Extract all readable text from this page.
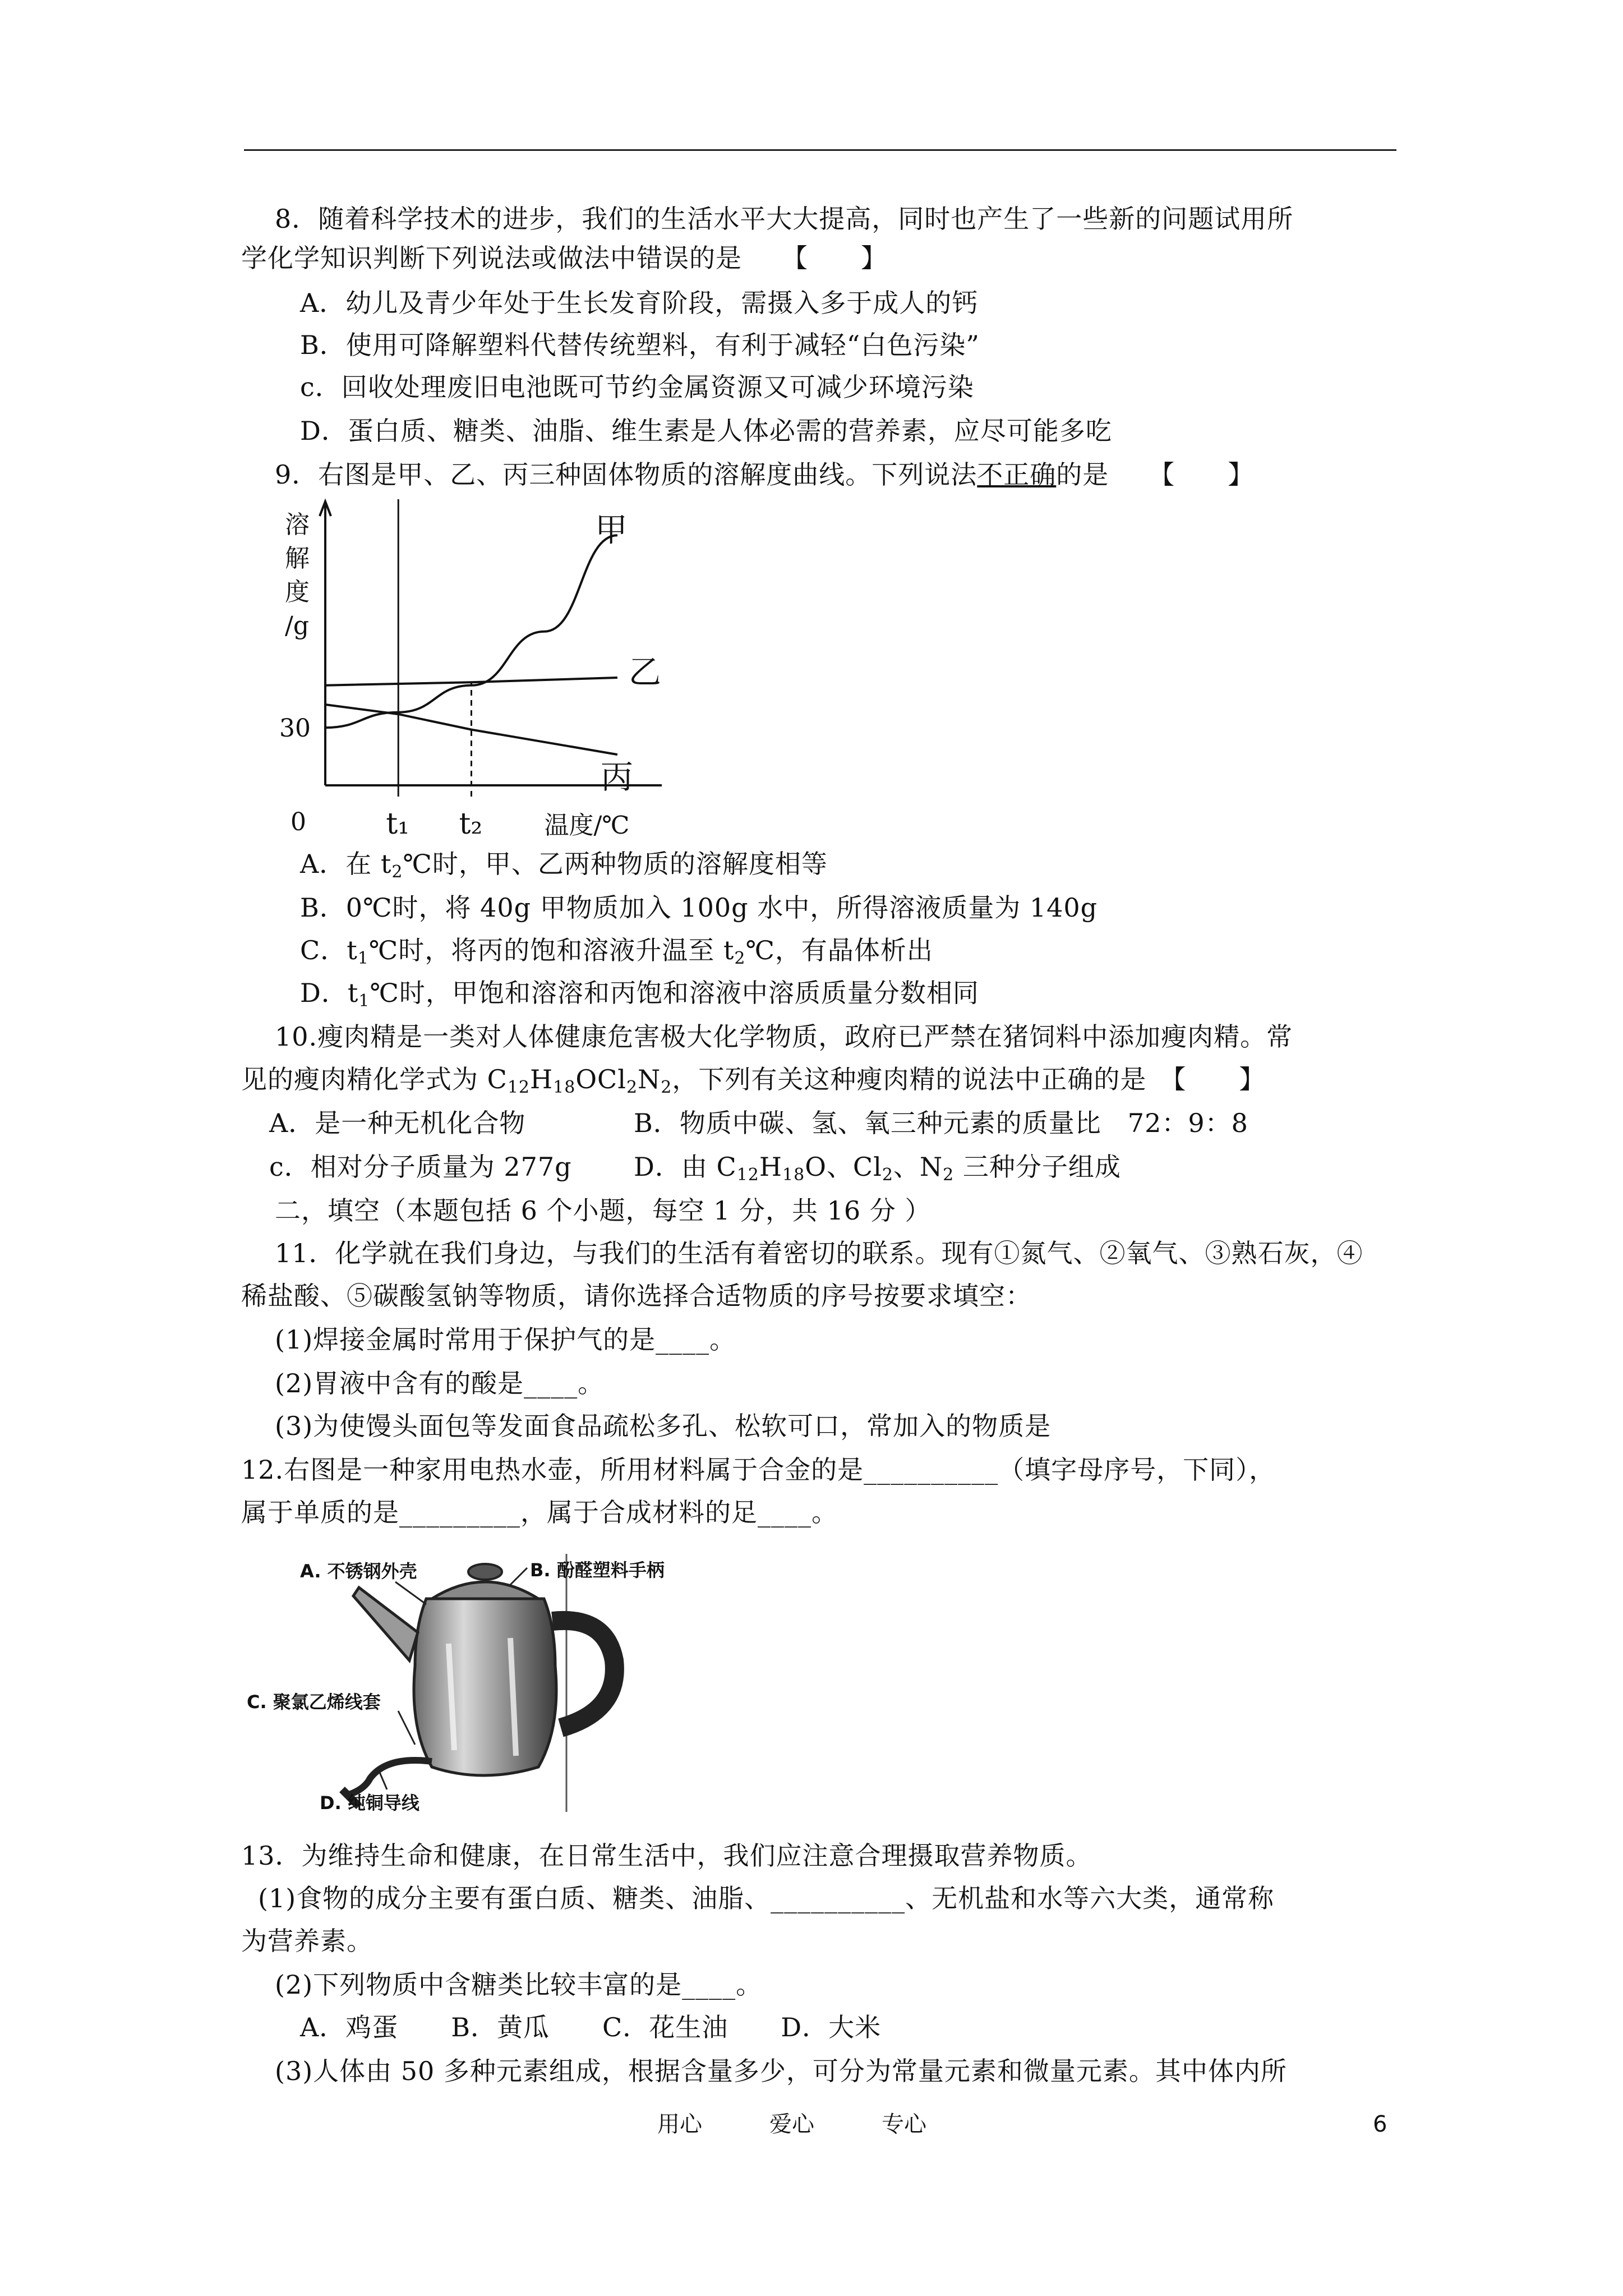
8．随着科学技术的进步，我们的生活水平大大提高，同时也产生了一些新的问题试用所
学化学知识判断下列说法或做法中错误的是　　【　　】
A．幼儿及青少年处于生长发育阶段，需摄入多于成人的钙
B．使用可降解塑料代替传统塑料，有利于减轻“白色污染”
c．回收处理废旧电池既可节约金属资源又可减少环境污染
D．蛋白质、糖类、油脂、维生素是人体必需的营养素，应尽可能多吃
9．右图是甲、乙、丙三种固体物质的溶解度曲线。下列说法不正确的是　　【　　】
甲
乙
丙
溶
解
度
/g
30
0	t₁ t₂	温度/℃
A．在 $t_2℃$时，甲、乙两种物质的溶解度相等
B．0℃时，将 40g 甲物质加入 100g 水中，所得溶液质量为 140g
C．$t_1℃$时，将丙的饱和溶液升温至 $t_2℃$，有晶体析出
D．$t_1℃$时，甲饱和溶溶和丙饱和溶液中溶质质量分数相同
10.瘦肉精是一类对人体健康危害极大化学物质，政府已严禁在猪饲料中添加瘦肉精。常
见的瘦肉精化学式为 $C_{12}H_{18}OCl_2N_2$，下列有关这种瘦肉精的说法中正确的是　【　　】
A．是一种无机化合物	B．物质中碳、氢、氧三种元素的质量比　72：9：8
c．相对分子质量为 277g D．由 $C_{12}H_{18}O$、$Cl_2$、$N_2$ 三种分子组成
二，填空（本题包括 6 个小题，每空 1 分，共 16 分 ）
11．化学就在我们身边，与我们的生活有着密切的联系。现有①氮气、②氧气、③熟石灰，④
稀盐酸、⑤碳酸氢钠等物质，请你选择合适物质的序号按要求填空：
(1)焊接金属时常用于保护气的是____。
(2)胃液中含有的酸是____。
(3)为使馒头面包等发面食品疏松多孔、松软可口，常加入的物质是
12.右图是一种家用电热水壶，所用材料属于合金的是__________（填字母序号，下同），
属于单质的是_________，属于合成材料的足____。
A. 不锈钢外壳	B. 酚醛塑料手柄
C. 聚氯乙烯线套
D. 纯铜导线
13．为维持生命和健康，在日常生活中，我们应注意合理摄取营养物质。
(1)食物的成分主要有蛋白质、糖类、油脂、__________、无机盐和水等六大类，通常称
为营养素。
(2)下列物质中含糖类比较丰富的是____。
A．鸡蛋　　B．黄瓜　　C．花生油　　D．大米
(3)人体由 50 多种元素组成，根据含量多少，可分为常量元素和微量元素。其中体内所
用心	爱心	专心	6
